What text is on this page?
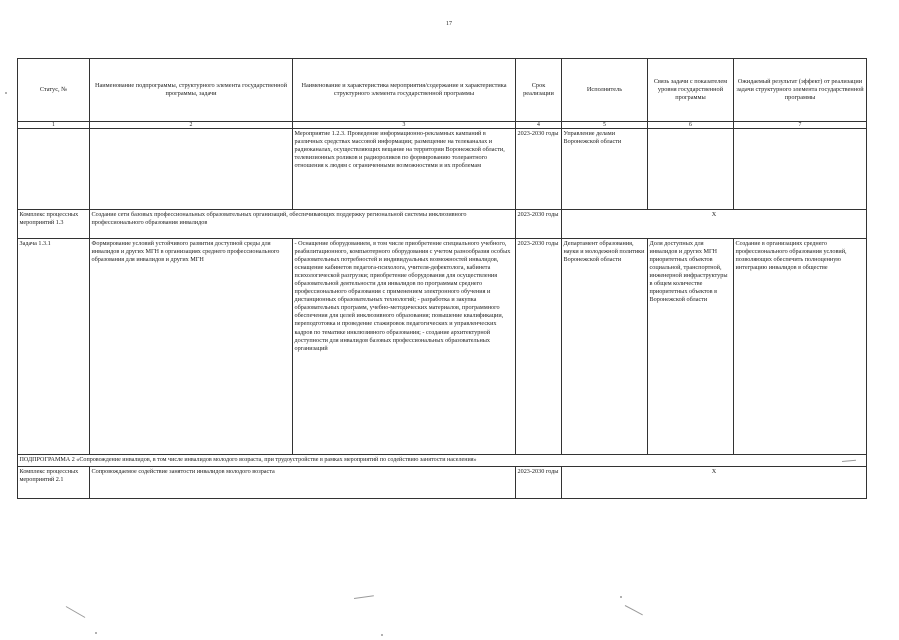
17
Статус, №	Наименование подпрограммы, структурного элемента государственной программы, задачи	Наименование и характеристика мероприятия/содержание и характеристика структурного элемента государственной программы	Срок реализации	Исполнитель	Связь задачи с показателем уровня государственной программы	Ожидаемый результат (эффект) от реализации задачи структурного элемента государственной программы
1	2	3	4	5	6	7
		Мероприятие 1.2.3. Проведение информационно-рекламных кампаний в различных средствах массовой информации; размещение на телеканалах и радиоканалах, осуществляющих вещание на территории Воронежской области, телевизионных роликов и радиороликов по формированию толерантного отношения к людям с ограниченными возможностями и их проблемам	2023-2030 годы	Управление делами Воронежской области		
Комплекс процессных мероприятий 1.3	Создание сети базовых профессиональных образовательных организаций, обеспечивающих поддержку региональной системы инклюзивного профессионального образования инвалидов		2023-2030 годы	X		
Задача 1.3.1	Формирование условий устойчивого развития доступной среды для инвалидов и других МГН в организациях среднего профессионального образования для инвалидов и других МГН	- Оснащение оборудованием, в том числе приобретение специального учебного, реабилитационного, компьютерного оборудования с учетом разнообразия особых образовательных потребностей и индивидуальных возможностей инвалидов, оснащение кабинетов педагога-психолога, учителя-дефектолога, кабинета психологической разгрузки; приобретение оборудования для осуществления образовательной деятельности для инвалидов по программам среднего профессионального образования с применением электронного обучения и дистанционных образовательных технологий; - разработка и закупка образовательных программ, учебно-методических материалов, программного обеспечения для целей инклюзивного образования; повышение квалификации, переподготовка и проведение стажировок педагогических и управленческих кадров по тематике инклюзивного образования; - создание архитектурной доступности для инвалидов базовых профессиональных образовательных организаций	2023-2030 годы	Департамент образования, науки и молодежной политики Воронежской области	Доля доступных для инвалидов и других МГН приоритетных объектов социальной, транспортной, инженерной инфраструктуры в общем количестве приоритетных объектов в Воронежской области	Создание в организациях среднего профессионального образования условий, позволяющих обеспечить полноценную интеграцию инвалидов в обществе
ПОДПРОГРАММА 2 «Сопровождение инвалидов, в том числе инвалидов молодого возраста, при трудоустройстве в рамках мероприятий по содействию занятости населения»						
Комплекс процессных мероприятий 2.1	Сопровождаемое содействие занятости инвалидов молодого возраста		2023-2030 годы	X		
